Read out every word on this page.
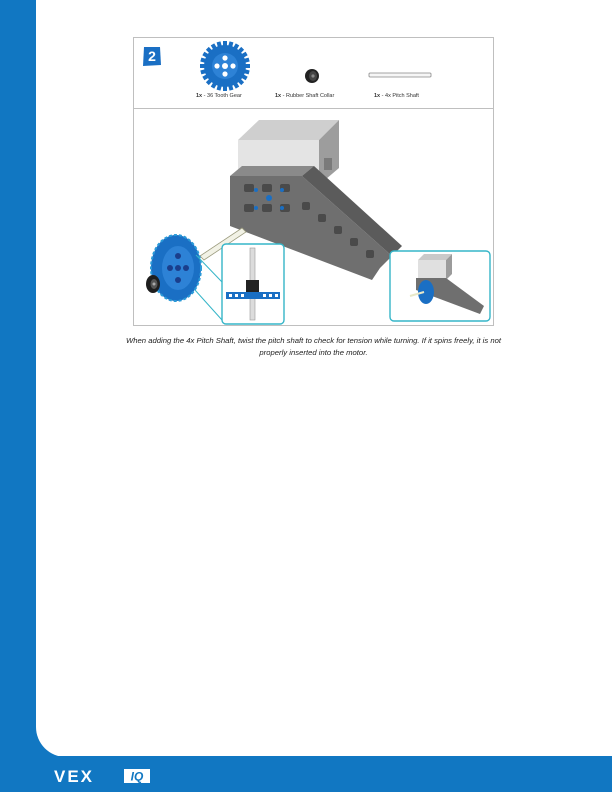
2
1x - 36 Tooth Gear	1x - Rubber Shaft Collar	1x - 4x Pitch Shaft
When adding the 4x Pitch Shaft, twist the pitch shaft to check for tension while turning. If it spins freely, it is not
properly inserted into the motor.
VEX	IQ
